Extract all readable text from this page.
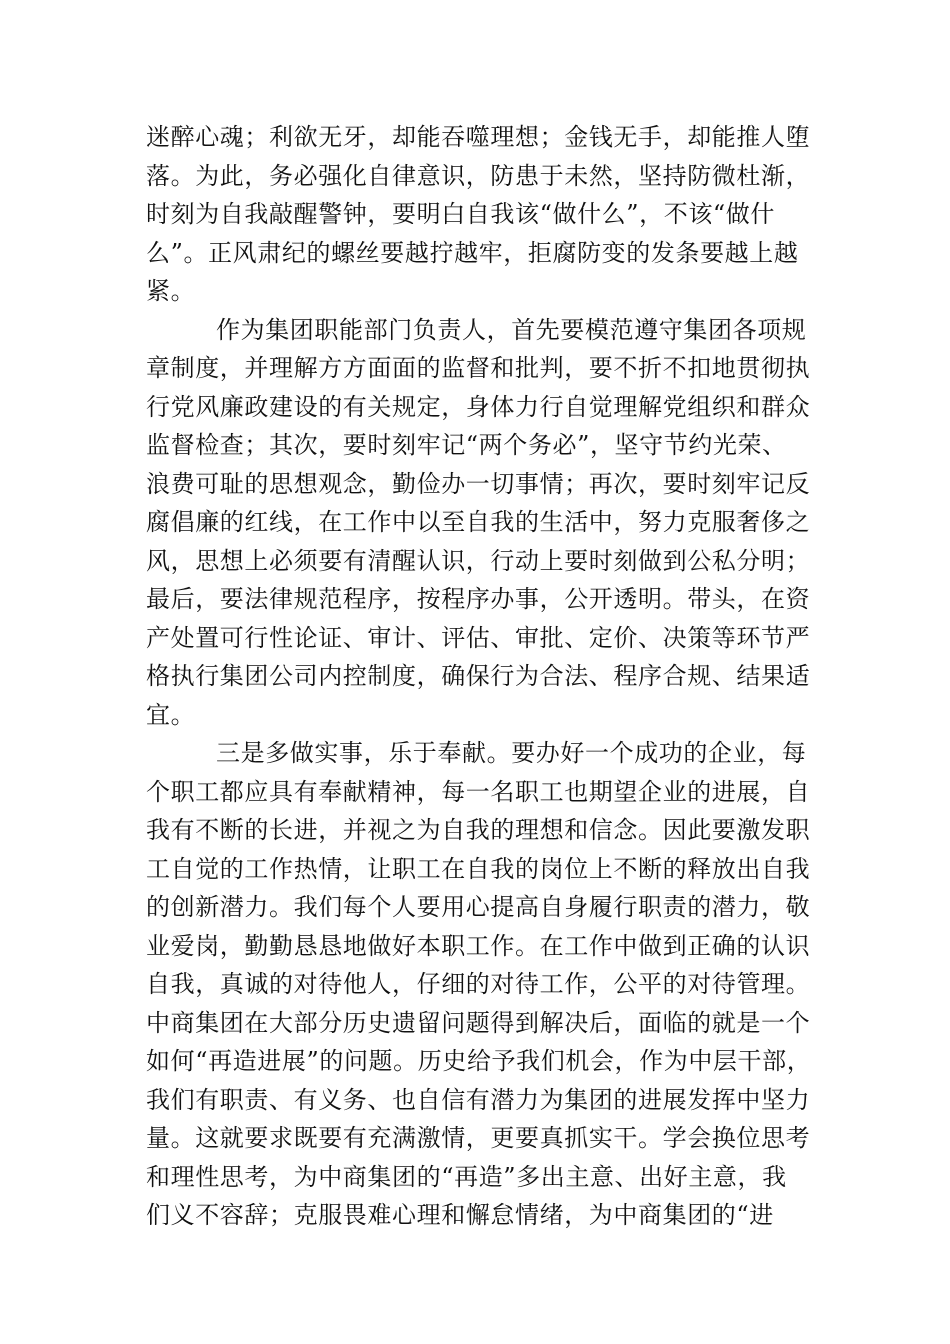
迷醉心魂；利欲无牙，却能吞噬理想；金钱无手，却能推人堕
落。为此，务必强化自律意识，防患于未然，坚持防微杜渐，
时刻为自我敲醒警钟，要明白自我该“做什么”，不该“做什
么”。正风肃纪的螺丝要越拧越牢，拒腐防变的发条要越上越
紧。
作为集团职能部门负责人，首先要模范遵守集团各项规
章制度，并理解方方面面的监督和批判，要不折不扣地贯彻执
行党风廉政建设的有关规定，身体力行自觉理解党组织和群众
监督检查；其次，要时刻牢记“两个务必”，坚守节约光荣、
浪费可耻的思想观念，勤俭办一切事情；再次，要时刻牢记反
腐倡廉的红线，在工作中以至自我的生活中，努力克服奢侈之
风，思想上必须要有清醒认识，行动上要时刻做到公私分明；
最后，要法律规范程序，按程序办事，公开透明。带头，在资
产处置可行性论证、审计、评估、审批、定价、决策等环节严
格执行集团公司内控制度，确保行为合法、程序合规、结果适
宜。
三是多做实事，乐于奉献。要办好一个成功的企业，每
个职工都应具有奉献精神，每一名职工也期望企业的进展，自
我有不断的长进，并视之为自我的理想和信念。因此要激发职
工自觉的工作热情，让职工在自我的岗位上不断的释放出自我
的创新潜力。我们每个人要用心提高自身履行职责的潜力，敬
业爱岗，勤勤恳恳地做好本职工作。在工作中做到正确的认识
自我，真诚的对待他人，仔细的对待工作，公平的对待管理。
中商集团在大部分历史遗留问题得到解决后，面临的就是一个
如何“再造进展”的问题。历史给予我们机会，作为中层干部，
我们有职责、有义务、也自信有潜力为集团的进展发挥中坚力
量。这就要求既要有充满激情，更要真抓实干。学会换位思考
和理性思考，为中商集团的“再造”多出主意、出好主意，我
们义不容辞；克服畏难心理和懈怠情绪，为中商集团的“进
